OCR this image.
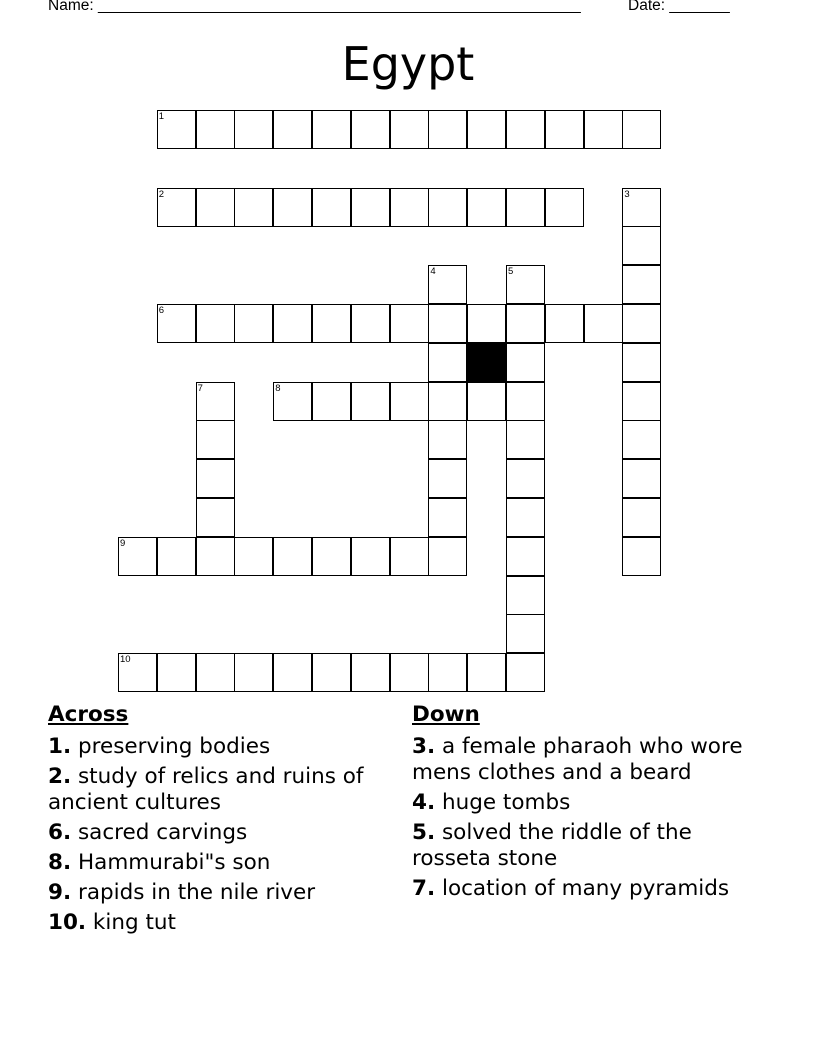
Name: ________________________________________________________	Date: _______
Egypt
1
2	3
4	5
6
7	8
9
10
Across
1. preserving bodies
2. study of relics and ruins of ancient cultures
6. sacred carvings
8. Hammurabi"s son
9. rapids in the nile river
10. king tut
Down
3. a female pharaoh who wore mens clothes and a beard
4. huge tombs
5. solved the riddle of the rosseta stone
7. location of many pyramids
